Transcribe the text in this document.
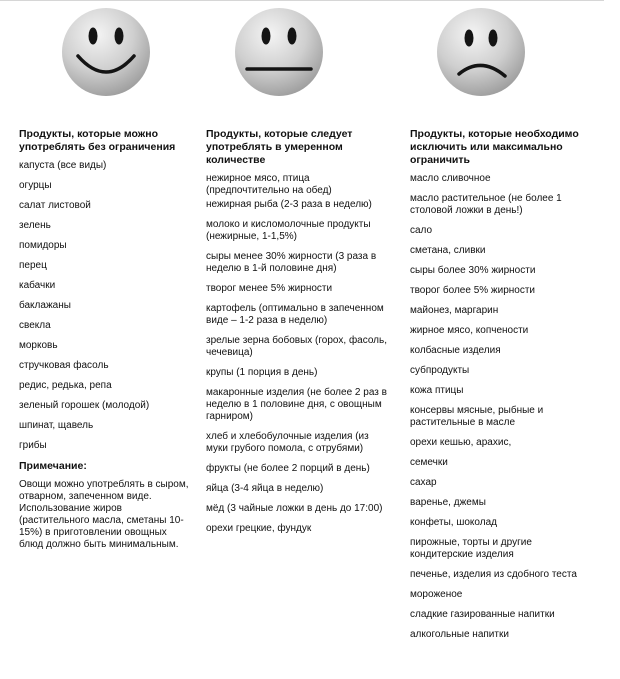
Продукты, которые можно употреблять без ограничения
капуста (все виды)
огурцы
салат листовой
зелень
помидоры
перец
кабачки
баклажаны
свекла
морковь
стручковая фасоль
редис, редька, репа
зеленый горошек (молодой)
шпинат, щавель
грибы
Примечание:
Овощи можно употреблять в сыром, отварном, запеченном виде. Использование жиров (растительного масла, сметаны 10-15%) в приготовлении овощных блюд должно быть минимальным.
Продукты, которые следует употреблять в умеренном количестве
нежирное мясо, птица (предпочтительно на обед)
нежирная рыба (2-3 раза в неделю)
молоко и кисломолочные продукты (нежирные, 1-1,5%)
сыры менее 30% жирности (3 раза в неделю в 1-й половине дня)
творог менее 5% жирности
картофель (оптимально в запеченном виде – 1-2 раза в неделю)
зрелые зерна бобовых (горох, фасоль, чечевица)
крупы (1 порция в день)
макаронные изделия (не более 2 раз в неделю в 1 половине дня, с овощным гарниром)
хлеб и хлебобулочные изделия (из муки грубого помола, с отрубями)
фрукты (не более 2 порций в день)
яйца (3-4 яйца в неделю)
мёд (3 чайные ложки в день до 17:00)
орехи грецкие, фундук
Продукты, которые необходимо исключить или максимально ограничить
масло сливочное
масло растительное (не более 1 столовой ложки в день!)
сало
сметана, сливки
сыры более 30% жирности
творог более 5% жирности
майонез, маргарин
жирное мясо, копчености
колбасные изделия
субпродукты
кожа птицы
консервы мясные, рыбные и растительные в масле
орехи кешью, арахис,
семечки
сахар
варенье, джемы
конфеты, шоколад
пирожные, торты и другие кондитерские изделия
печенье, изделия из сдобного теста
мороженое
сладкие газированные напитки
алкогольные напитки
